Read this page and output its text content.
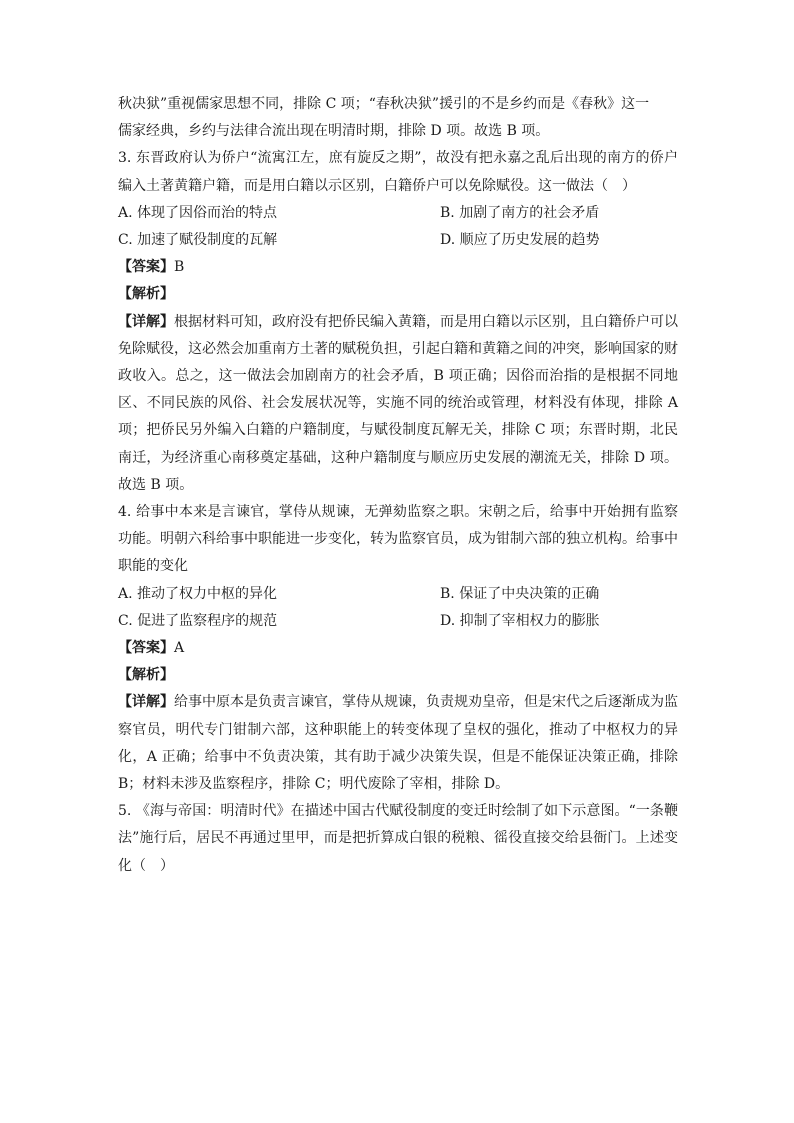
秋决狱”重视儒家思想不同，排除 C 项；“春秋决狱”援引的不是乡约而是《春秋》这一

儒家经典，乡约与法律合流出现在明清时期，排除 D 项。故选 B 项。

3. 东晋政府认为侨户“流寓江左，庶有旋反之期”，故没有把永嘉之乱后出现的南方的侨户编入土著黄籍户籍，而是用白籍以示区别，白籍侨户可以免除赋役。这一做法（　）

A. 体现了因俗而治的特点	B. 加剧了南方的社会矛盾
C. 加速了赋役制度的瓦解	D. 顺应了历史发展的趋势

【答案】B

【解析】

【详解】根据材料可知，政府没有把侨民编入黄籍，而是用白籍以示区别，且白籍侨户可以免除赋役，这必然会加重南方土著的赋税负担，引起白籍和黄籍之间的冲突，影响国家的财政收入。总之，这一做法会加剧南方的社会矛盾，B 项正确；因俗而治指的是根据不同地区、不同民族的风俗、社会发展状况等，实施不同的统治或管理，材料没有体现，排除 A 项；把侨民另外编入白籍的户籍制度，与赋役制度瓦解无关，排除 C 项；东晋时期，北民南迁，为经济重心南移奠定基础，这种户籍制度与顺应历史发展的潮流无关，排除 D 项。故选 B 项。

4. 给事中本来是言谏官，掌侍从规谏，无弹劾监察之职。宋朝之后，给事中开始拥有监察功能。明朝六科给事中职能进一步变化，转为监察官员，成为钳制六部的独立机构。给事中职能的变化

A. 推动了权力中枢的异化	B. 保证了中央决策的正确
C. 促进了监察程序的规范	D. 抑制了宰相权力的膨胀

【答案】A

【解析】

【详解】给事中原本是负责言谏官，掌侍从规谏，负责规劝皇帝，但是宋代之后逐渐成为监察官员，明代专门钳制六部，这种职能上的转变体现了皇权的强化，推动了中枢权力的异化，A 正确；给事中不负责决策，其有助于减少决策失误，但是不能保证决策正确，排除 B；材料未涉及监察程序，排除 C；明代废除了宰相，排除 D。

5. 《海与帝国：明清时代》在描述中国古代赋役制度的变迁时绘制了如下示意图。“一条鞭法”施行后，居民不再通过里甲，而是把折算成白银的税粮、徭役直接交给县衙门。上述变化（　）
